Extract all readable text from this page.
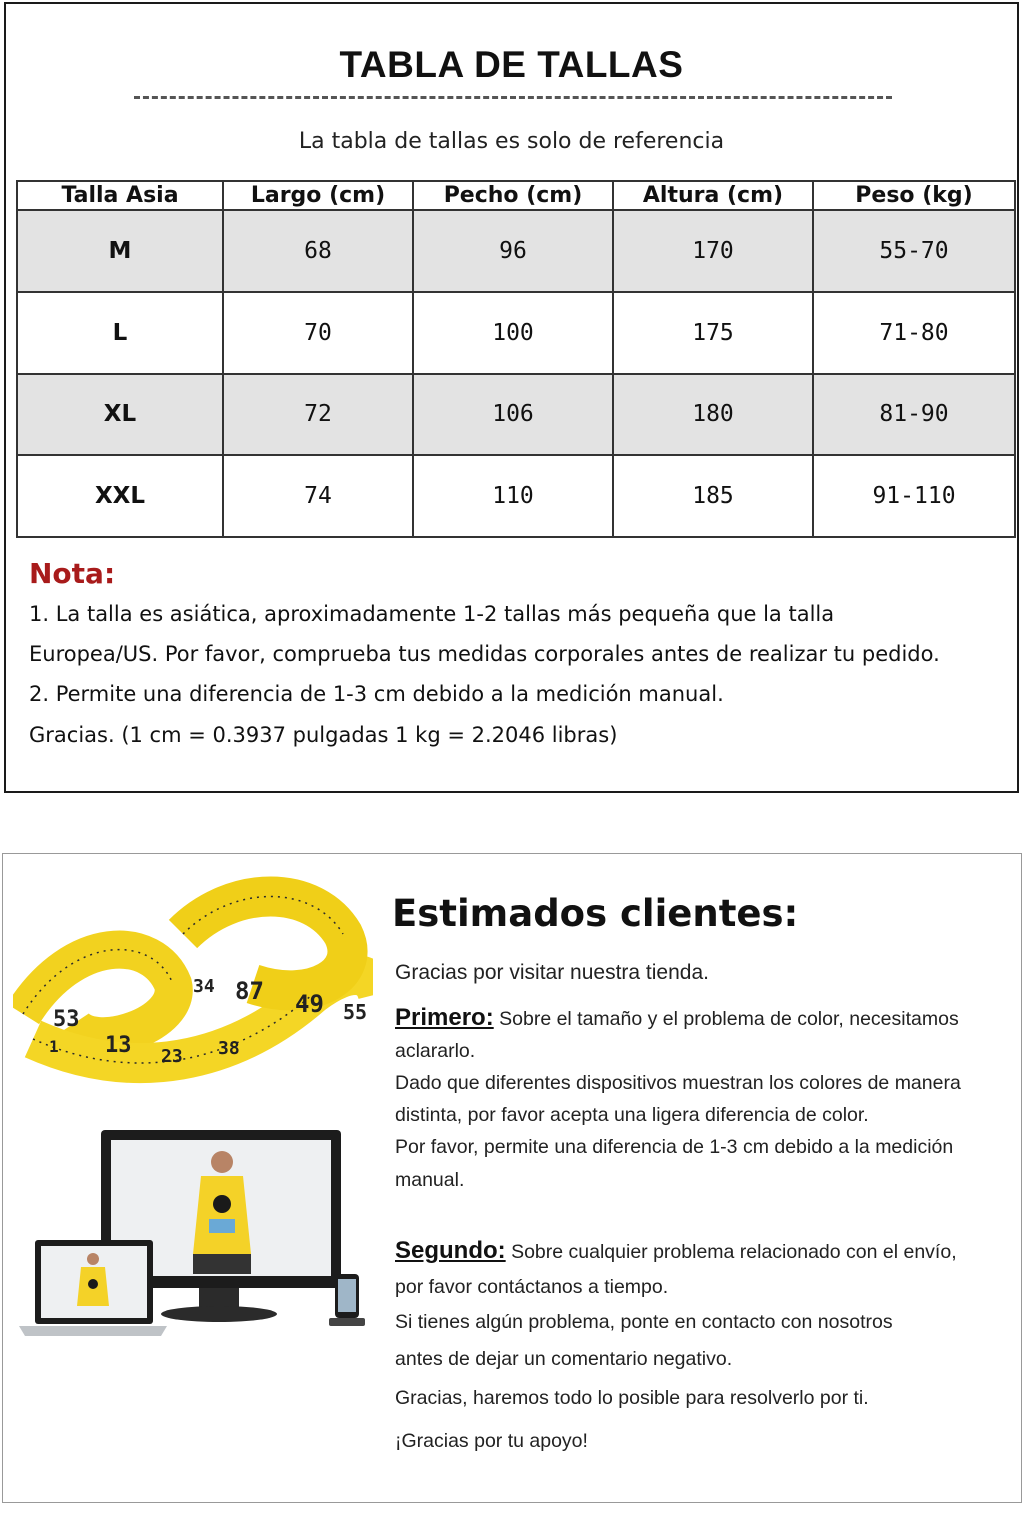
TABLA DE TALLAS
La tabla de tallas es solo de referencia
Talla Asia	Largo (cm)	Pecho (cm)	Altura (cm)	Peso (kg)
M	68	96	170	55-70
L	70	100	175	71-80
XL	72	106	180	81-90
XXL	74	110	185	91-110
Nota:
1. La talla es asiática, aproximadamente 1-2 tallas más pequeña que la talla
Europea/US. Por favor, comprueba tus medidas corporales antes de realizar tu pedido.
2. Permite una diferencia de 1-3 cm debido a la medición manual.
Gracias. (1 cm = 0.3937 pulgadas 1 kg = 2.2046 libras)
34 87 49 55
53
13 23 38
1
Estimados clientes:
Gracias por visitar nuestra tienda.
Primero: Sobre el tamaño y el problema de color, necesitamos
aclararlo.
Dado que diferentes dispositivos muestran los colores de manera
distinta, por favor acepta una ligera diferencia de color.
Por favor, permite una diferencia de 1-3 cm debido a la medición
manual.
Segundo: Sobre cualquier problema relacionado con el envío,
por favor contáctanos a tiempo.
Si tienes algún problema, ponte en contacto con nosotros
antes de dejar un comentario negativo.
Gracias, haremos todo lo posible para resolverlo por ti.
¡Gracias por tu apoyo!
